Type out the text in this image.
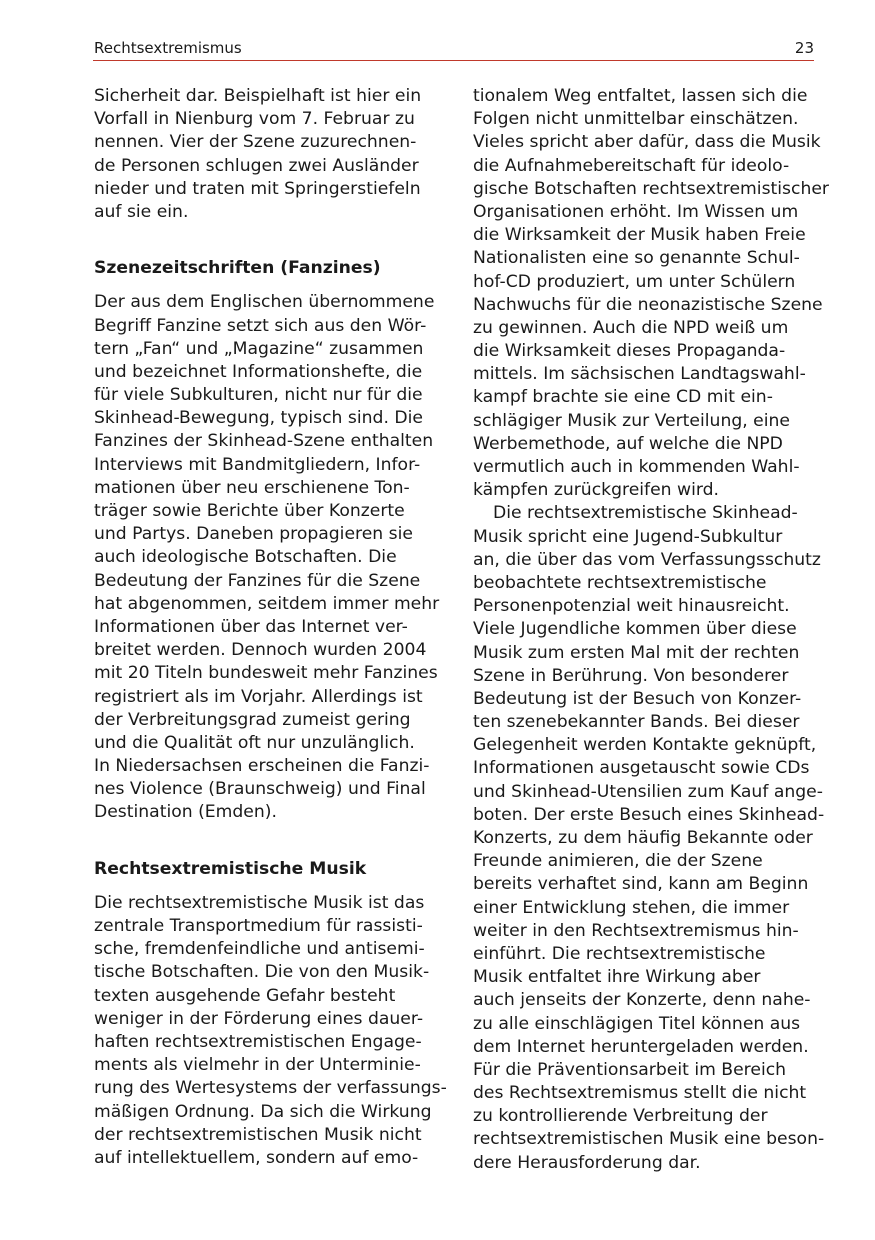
Rechtsextremismus	23
Sicherheit dar. Beispielhaft ist hier ein
Vorfall in Nienburg vom 7. Februar zu
nennen. Vier der Szene zuzurechnen-
de Personen schlugen zwei Ausländer
nieder und traten mit Springerstiefeln
auf sie ein.
Szenezeitschriften (Fanzines)
Der aus dem Englischen übernommene
Begriff Fanzine setzt sich aus den Wör-
tern „Fan“ und „Magazine“ zusammen
und bezeichnet Informationshefte, die
für viele Subkulturen, nicht nur für die
Skinhead-Bewegung, typisch sind. Die
Fanzines der Skinhead-Szene enthalten
Interviews mit Bandmitgliedern, Infor-
mationen über neu erschienene Ton-
träger sowie Berichte über Konzerte
und Partys. Daneben propagieren sie
auch ideologische Botschaften. Die
Bedeutung der Fanzines für die Szene
hat abgenommen, seitdem immer mehr
Informationen über das Internet ver-
breitet werden. Dennoch wurden 2004
mit 20 Titeln bundesweit mehr Fanzines
registriert als im Vorjahr. Allerdings ist
der Verbreitungsgrad zumeist gering
und die Qualität oft nur unzulänglich.
In Niedersachsen erscheinen die Fanzi-
nes Violence (Braunschweig) und Final
Destination (Emden).
Rechtsextremistische Musik
Die rechtsextremistische Musik ist das
zentrale Transportmedium für rassisti-
sche, fremdenfeindliche und antisemi-
tische Botschaften. Die von den Musik-
texten ausgehende Gefahr besteht
weniger in der Förderung eines dauer-
haften rechtsextremistischen Engage-
ments als vielmehr in der Unterminie-
rung des Wertesystems der verfassungs-
mäßigen Ordnung. Da sich die Wirkung
der rechtsextremistischen Musik nicht
auf intellektuellem, sondern auf emo-
tionalem Weg entfaltet, lassen sich die
Folgen nicht unmittelbar einschätzen.
Vieles spricht aber dafür, dass die Musik
die Aufnahmebereitschaft für ideolo-
gische Botschaften rechtsextremistischer
Organisationen erhöht. Im Wissen um
die Wirksamkeit der Musik haben Freie
Nationalisten eine so genannte Schul-
hof-CD produziert, um unter Schülern
Nachwuchs für die neonazistische Szene
zu gewinnen. Auch die NPD weiß um
die Wirksamkeit dieses Propaganda-
mittels. Im sächsischen Landtagswahl-
kampf brachte sie eine CD mit ein-
schlägiger Musik zur Verteilung, eine
Werbemethode, auf welche die NPD
vermutlich auch in kommenden Wahl-
kämpfen zurückgreifen wird.
Die rechtsextremistische Skinhead-
Musik spricht eine Jugend-Subkultur
an, die über das vom Verfassungsschutz
beobachtete rechtsextremistische
Personenpotenzial weit hinausreicht.
Viele Jugendliche kommen über diese
Musik zum ersten Mal mit der rechten
Szene in Berührung. Von besonderer
Bedeutung ist der Besuch von Konzer-
ten szenebekannter Bands. Bei dieser
Gelegenheit werden Kontakte geknüpft,
Informationen ausgetauscht sowie CDs
und Skinhead-Utensilien zum Kauf ange-
boten. Der erste Besuch eines Skinhead-
Konzerts, zu dem häufig Bekannte oder
Freunde animieren, die der Szene
bereits verhaftet sind, kann am Beginn
einer Entwicklung stehen, die immer
weiter in den Rechtsextremismus hin-
einführt. Die rechtsextremistische
Musik entfaltet ihre Wirkung aber
auch jenseits der Konzerte, denn nahe-
zu alle einschlägigen Titel können aus
dem Internet heruntergeladen werden.
Für die Präventionsarbeit im Bereich
des Rechtsextremismus stellt die nicht
zu kontrollierende Verbreitung der
rechtsextremistischen Musik eine beson-
dere Herausforderung dar.
